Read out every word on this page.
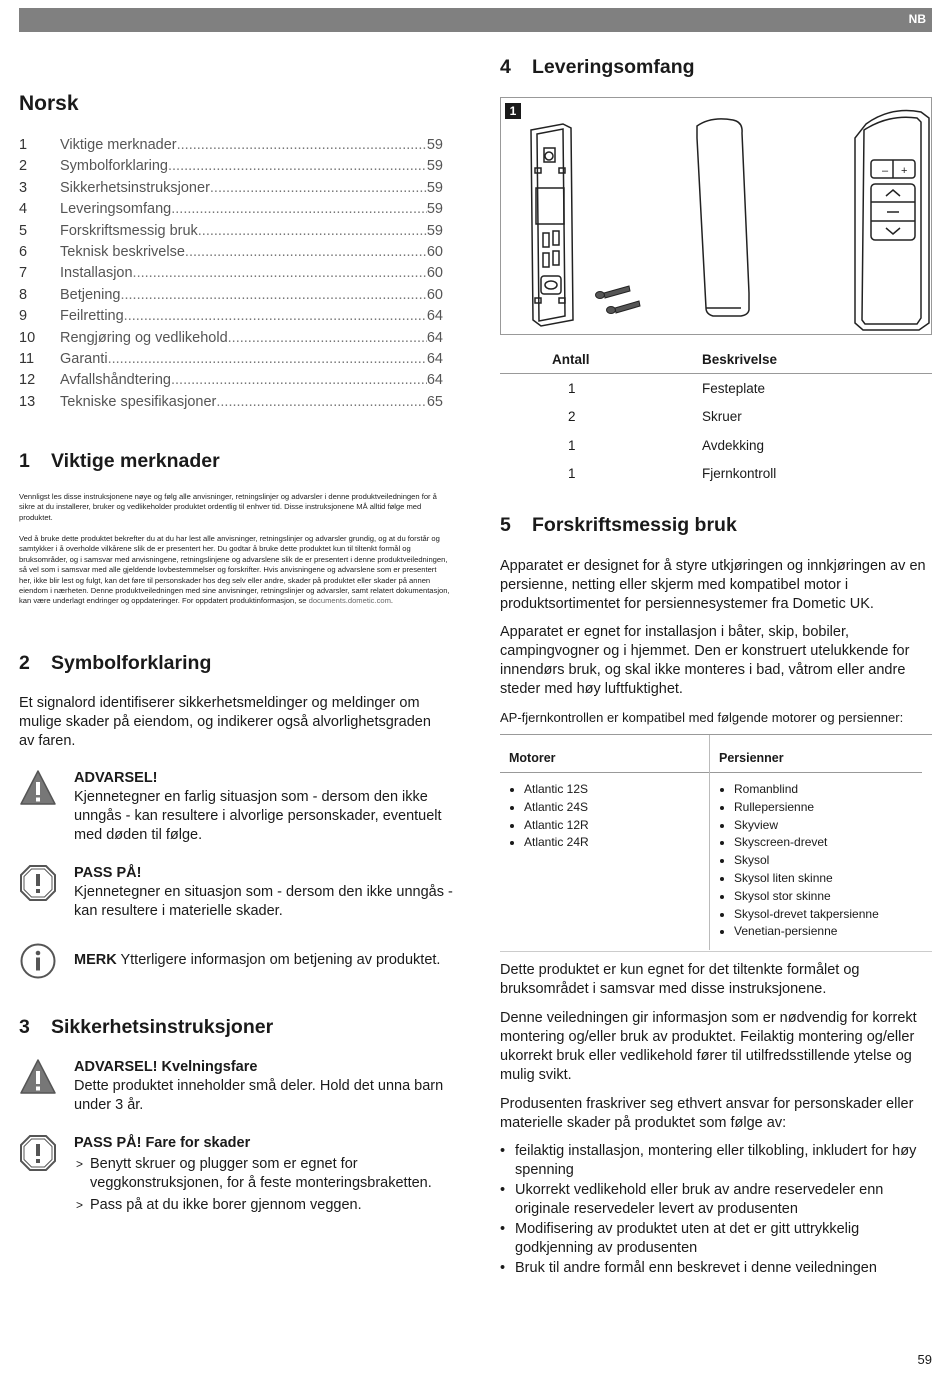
NB
Norsk
1	Viktige merknader .....	59
2	Symbolforklaring .....	59
3	Sikkerhetsinstruksjoner .....	59
4	Leveringsomfang .....	59
5	Forskriftsmessig bruk .....	59
6	Teknisk beskrivelse .....	60
7	Installasjon .....	60
8	Betjening .....	60
9	Feilretting .....	64
10	Rengjøring og vedlikehold .....	64
11	Garanti .....	64
12	Avfallshåndtering .....	64
13	Tekniske spesifikasjoner .....	65
1	Viktige merknader
Vennligst les disse instruksjonene nøye og følg alle anvisninger, retningslinjer og advarsler i denne produktveiledningen for å sikre at du installerer, bruker og vedlikeholder produktet ordentlig til enhver tid. Disse instruksjonene MÅ alltid følge med produktet.
Ved å bruke dette produktet bekrefter du at du har lest alle anvisninger, retningslinjer og advarsler grundig, og at du forstår og samtykker i å overholde vilkårene slik de er presentert her. Du godtar å bruke dette produktet kun til tiltenkt formål og bruksområder, og i samsvar med anvisningene, retningslinjene og advarslene slik de er presentert i denne produktveiledningen, så vel som i samsvar med alle gjeldende lovbestemmelser og forskrifter. Hvis anvisningene og advarslene som er presentert her, ikke blir lest og fulgt, kan det føre til personskader hos deg selv eller andre, skader på produktet eller skader på annen eiendom i nærheten. Denne produktveiledningen med sine anvisninger, retningslinjer og advarsler, samt relatert dokumentasjon, kan være underlagt endringer og oppdateringer. For oppdatert produktinformasjon, se documents.dometic.com.
2	Symbolforklaring
Et signalord identifiserer sikkerhetsmeldinger og meldinger om mulige skader på eiendom, og indikerer også alvorlighetsgraden av faren.
ADVARSEL!
Kjennetegner en farlig situasjon som - dersom den ikke unngås - kan resultere i alvorlige personskader, eventuelt med døden til følge.
PASS PÅ!
Kjennetegner en situasjon som - dersom den ikke unngås - kan resultere i materielle skader.
MERK Ytterligere informasjon om betjening av produktet.
3	Sikkerhetsinstruksjoner
ADVARSEL! Kvelningsfare
Dette produktet inneholder små deler. Hold det unna barn under 3 år.
PASS PÅ! Fare for skader
> Benytt skruer og plugger som er egnet for veggkonstruksjonen, for å feste monteringsbraketten.
> Pass på at du ikke borer gjennom veggen.
4	Leveringsomfang
1
– +
Antall	Beskrivelse
1	Festeplate
2	Skruer
1	Avdekking
1	Fjernkontroll
5	Forskriftsmessig bruk
Apparatet er designet for å styre utkjøringen og innkjøringen av en persienne, netting eller skjerm med kompatibel motor i produktsortimentet for persiennesystemer fra Dometic UK.
Apparatet er egnet for installasjon i båter, skip, bobiler, campingvogner og i hjemmet. Den er konstruert utelukkende for innendørs bruk, og skal ikke monteres i bad, våtrom eller andre steder med høy luftfuktighet.
AP-fjernkontrollen er kompatibel med følgende motorer og persienner:
Motorer
• Atlantic 12S
• Atlantic 24S
• Atlantic 12R
• Atlantic 24R
Persienner
• Romanblind
• Rullepersienne
• Skyview
• Skyscreen-drevet
• Skysol
• Skysol liten skinne
• Skysol stor skinne
• Skysol-drevet takpersienne
• Venetian-persienne
Dette produktet er kun egnet for det tiltenkte formålet og bruksområdet i samsvar med disse instruksjonene.
Denne veiledningen gir informasjon som er nødvendig for korrekt montering og/eller bruk av produktet. Feilaktig montering og/eller ukorrekt bruk eller vedlikehold fører til utilfredsstillende ytelse og mulig svikt.
Produsenten fraskriver seg ethvert ansvar for personskader eller materielle skader på produktet som følge av:
• feilaktig installasjon, montering eller tilkobling, inkludert for høy spenning
• Ukorrekt vedlikehold eller bruk av andre reservedeler enn originale reservedeler levert av produsenten
• Modifisering av produktet uten at det er gitt uttrykkelig godkjenning av produsenten
• Bruk til andre formål enn beskrevet i denne veiledningen
59
